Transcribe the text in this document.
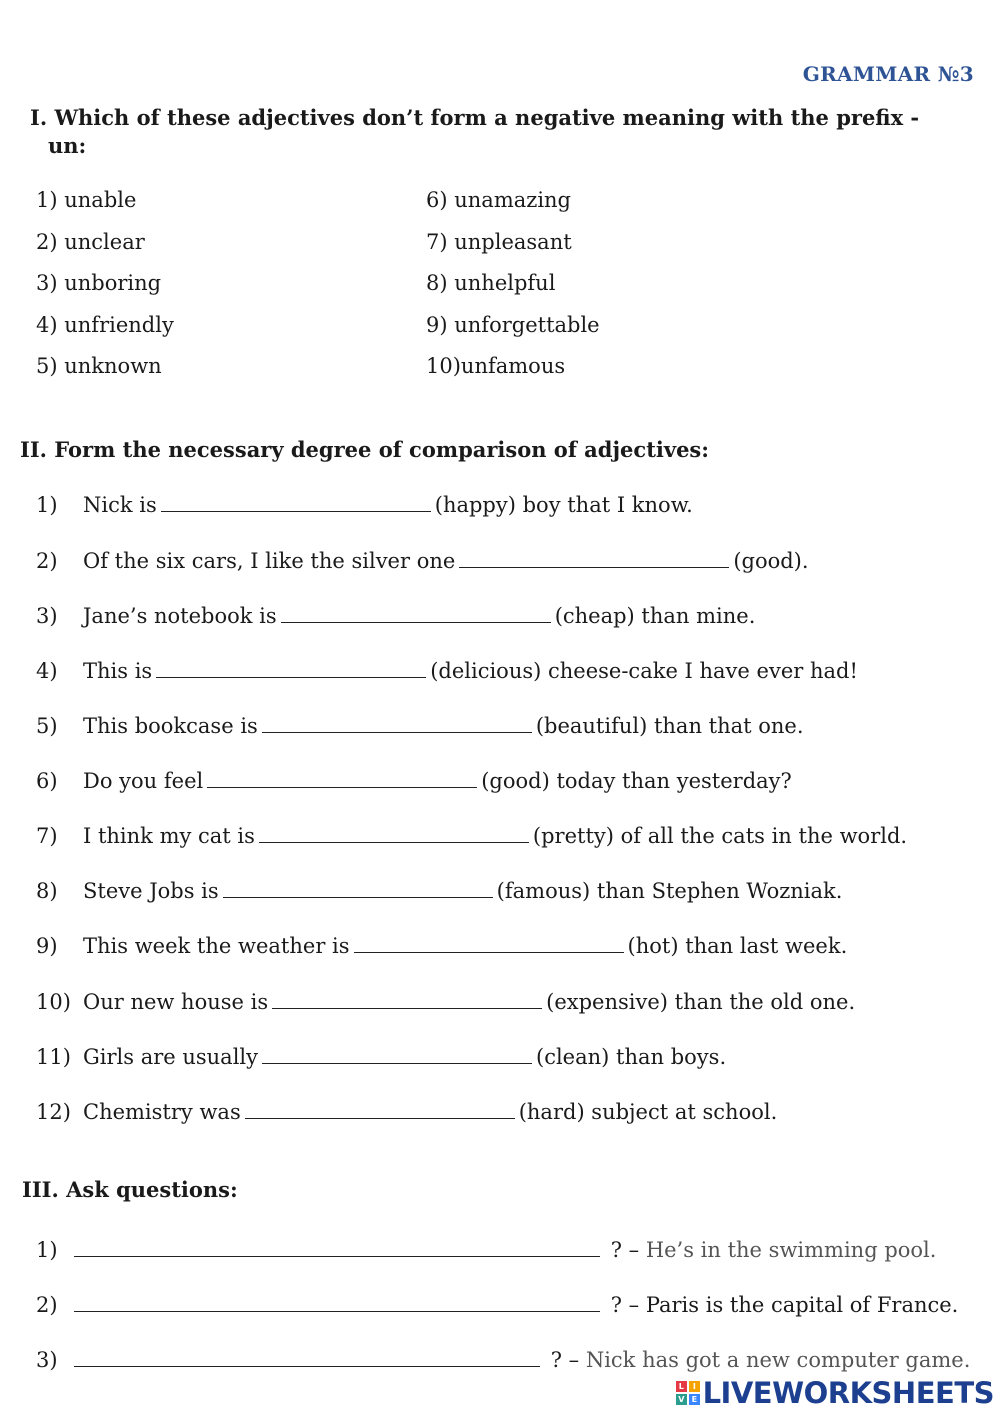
GRAMMAR №3
I. Which of these adjectives don’t form a negative meaning with the prefix -
un:
1) unable
2) unclear
3) unboring
4) unfriendly
5) unknown
6) unamazing
7) unpleasant
8) unhelpful
9) unforgettable
10)unfamous
II. Form the necessary degree of comparison of adjectives:
1) Nick is	(happy) boy that I know.
2) Of the six cars, I like the silver one	(good).
3) Jane’s notebook is	(cheap) than mine.
4) This is	(delicious) cheese-cake I have ever had!
5) This bookcase is	(beautiful) than that one.
6) Do you feel	(good) today than yesterday?
7) I think my cat is	(pretty) of all the cats in the world.
8) Steve Jobs is	(famous) than Stephen Wozniak.
9) This week the weather is	(hot) than last week.
10) Our new house is	(expensive) than the old one.
11) Girls are usually	(clean) than boys.
12) Chemistry was	(hard) subject at school.
III. Ask questions:
1)	? – He’s in the swimming pool.
2)	? – Paris is the capital of France.
3)	? – Nick has got a new computer game.
L	I
V E LIVEWORKSHEETS
